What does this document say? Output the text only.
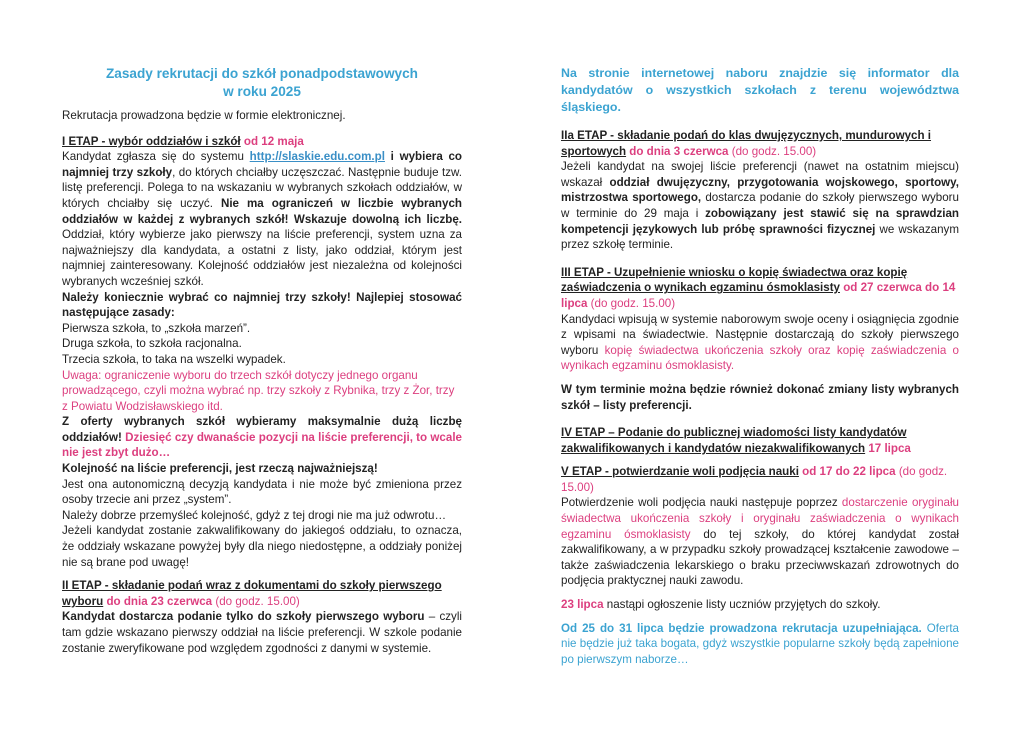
Zasady rekrutacji do szkół ponadpodstawowych
w roku 2025

Rekrutacja prowadzona będzie w formie elektronicznej.

I ETAP - wybór oddziałów i szkół od 12 maja

Kandydat zgłasza się do systemu http://slaskie.edu.com.pl i wybiera co najmniej trzy szkoły, do których chciałby uczęszczać. Następnie buduje tzw. listę preferencji. Polega to na wskazaniu w wybranych szkołach oddziałów, w których chciałby się uczyć. Nie ma ograniczeń w liczbie wybranych oddziałów w każdej z wybranych szkół! Wskazuje dowolną ich liczbę. Oddział, który wybierze jako pierwszy na liście preferencji, system uzna za najważniejszy dla kandydata, a ostatni z listy, jako oddział, którym jest najmniej zainteresowany. Kolejność oddziałów jest niezależna od kolejności wybranych wcześniej szkół.

Należy koniecznie wybrać co najmniej trzy szkoły! Najlepiej stosować następujące zasady:

Pierwsza szkoła, to „szkoła marzeń”.

Druga szkoła, to szkoła racjonalna.

Trzecia szkoła, to taka na wszelki wypadek.

Uwaga: ograniczenie wyboru do trzech szkół dotyczy jednego organu prowadzącego, czyli można wybrać np. trzy szkoły z Rybnika, trzy z Żor, trzy z Powiatu Wodzisławskiego itd.

Z oferty wybranych szkół wybieramy maksymalnie dużą liczbę oddziałów! Dziesięć czy dwanaście pozycji na liście preferencji, to wcale nie jest zbyt dużo…

Kolejność na liście preferencji, jest rzeczą najważniejszą!

Jest ona autonomiczną decyzją kandydata i nie może być zmieniona przez osoby trzecie ani przez „system”.

Należy dobrze przemyśleć kolejność, gdyż z tej drogi nie ma już odwrotu…

Jeżeli kandydat zostanie zakwalifikowany do jakiegoś oddziału, to oznacza, że oddziały wskazane powyżej były dla niego niedostępne, a oddziały poniżej nie są brane pod uwagę!

II ETAP - składanie podań wraz z dokumentami do szkoły pierwszego wyboru do dnia 23 czerwca (do godz. 15.00)

Kandydat dostarcza podanie tylko do szkoły pierwszego wyboru – czyli tam gdzie wskazano pierwszy oddział na liście preferencji. W szkole podanie zostanie zweryfikowane pod względem zgodności z danymi w systemie.

Na stronie internetowej naboru znajdzie się informator dla kandydatów o wszystkich szkołach z terenu województwa śląskiego.

IIa ETAP - składanie podań do klas dwujęzycznych, mundurowych i sportowych do dnia 3 czerwca (do godz. 15.00)

Jeżeli kandydat na swojej liście preferencji (nawet na ostatnim miejscu) wskazał oddział dwujęzyczny, przygotowania wojskowego, sportowy, mistrzostwa sportowego, dostarcza podanie do szkoły pierwszego wyboru w terminie do 29 maja i zobowiązany jest stawić się na sprawdzian kompetencji językowych lub próbę sprawności fizycznej we wskazanym przez szkołę terminie.

III ETAP - Uzupełnienie wniosku o kopię świadectwa oraz kopię zaświadczenia o wynikach egzaminu ósmoklasisty od 27 czerwca do 14 lipca (do godz. 15.00)

Kandydaci wpisują w systemie naborowym swoje oceny i osiągnięcia zgodnie z wpisami na świadectwie. Następnie dostarczają do szkoły pierwszego wyboru kopię świadectwa ukończenia szkoły oraz kopię zaświadczenia o wynikach egzaminu ósmoklasisty.

W tym terminie można będzie również dokonać zmiany listy wybranych szkół – listy preferencji.

IV ETAP – Podanie do publicznej wiadomości listy kandydatów zakwalifikowanych i kandydatów niezakwalifikowanych 17 lipca

V ETAP - potwierdzanie woli podjęcia nauki od 17 do 22 lipca (do godz. 15.00)

Potwierdzenie woli podjęcia nauki następuje poprzez dostarczenie oryginału świadectwa ukończenia szkoły i oryginału zaświadczenia o wynikach egzaminu ósmoklasisty do tej szkoły, do której kandydat został zakwalifikowany, a w przypadku szkoły prowadzącej kształcenie zawodowe – także zaświadczenia lekarskiego o braku przeciwwskazań zdrowotnych do podjęcia praktycznej nauki zawodu.

23 lipca nastąpi ogłoszenie listy uczniów przyjętych do szkoły.

Od 25 do 31 lipca będzie prowadzona rekrutacja uzupełniająca. Oferta nie będzie już taka bogata, gdyż wszystkie popularne szkoły będą zapełnione po pierwszym naborze…
